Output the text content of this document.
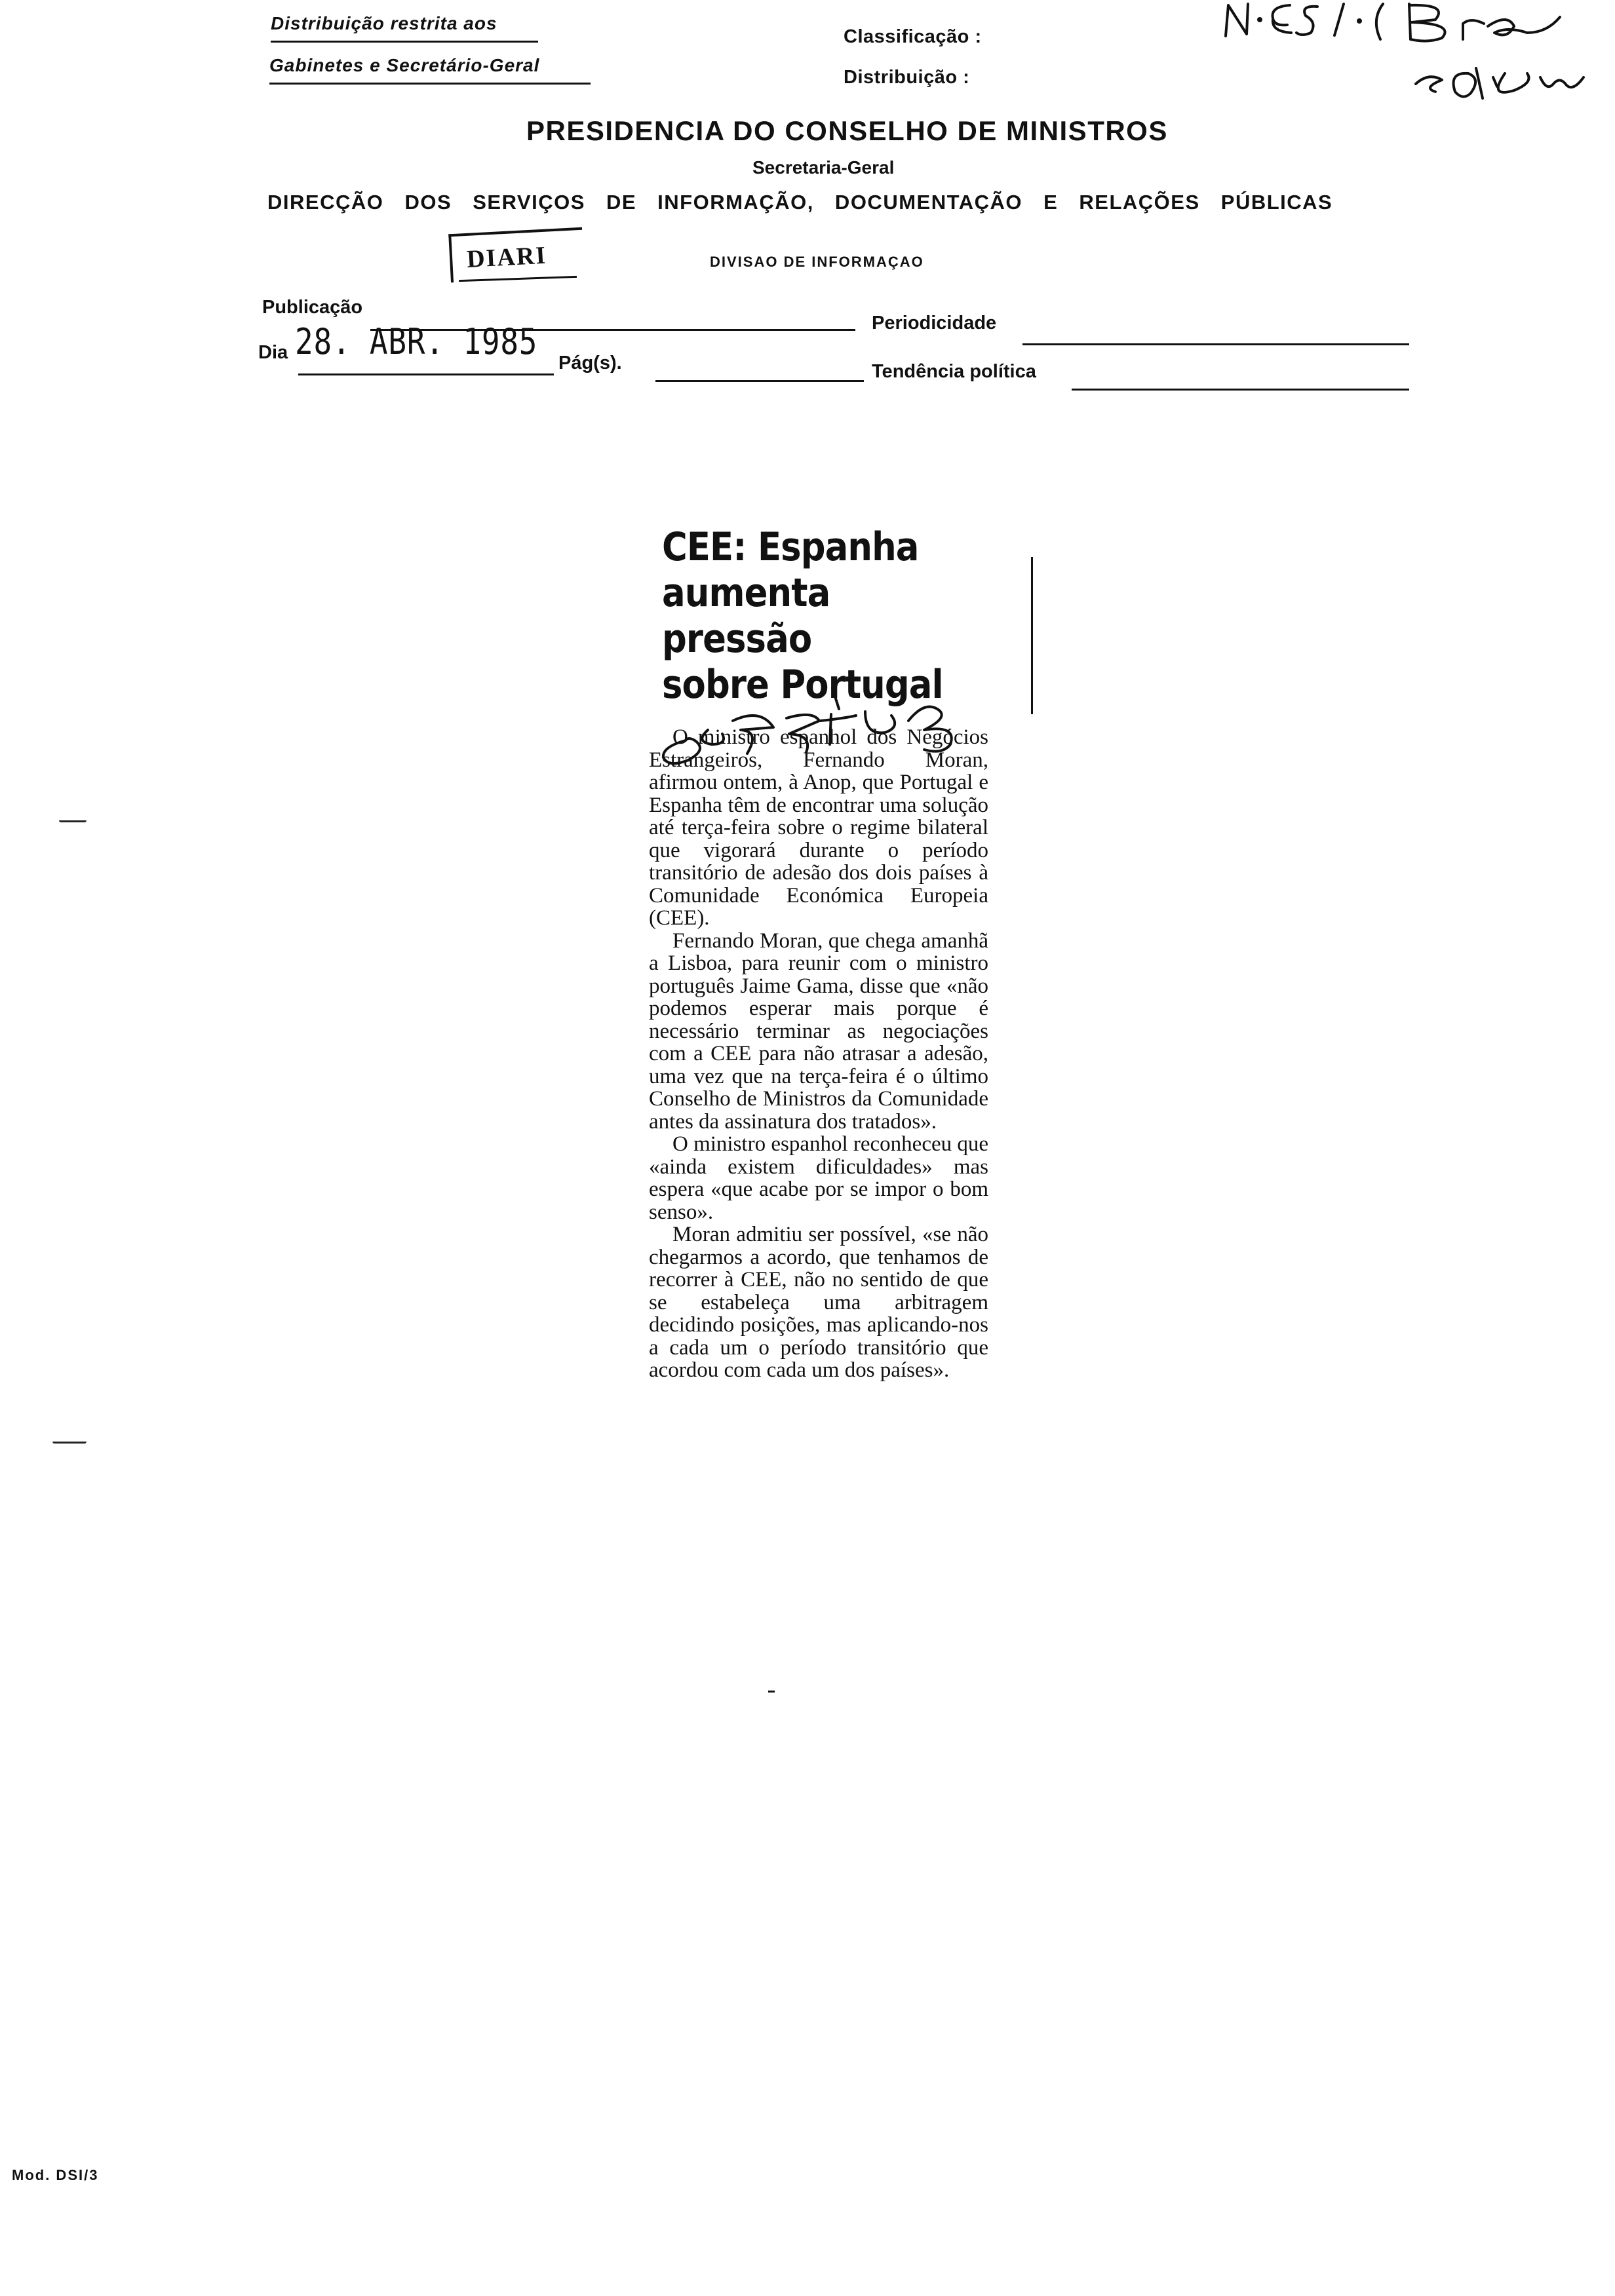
Distribuição restrita aos
Gabinetes e Secretário-Geral
Classificação :
Distribuição :
PRESIDENCIA DO CONSELHO DE MINISTROS
Secretaria-Geral
DIRECÇÃO DOS SERVIÇOS DE INFORMAÇÃO, DOCUMENTAÇÃO E RELAÇÕES PÚBLICAS
DIVISAO DE INFORMAÇAO
DIARI
Publicação
Periodicidade
Dia 28. ABR. 1985
Pág(s).	Tendência política
CEE: Espanha
aumenta
pressão
sobre Portugal

O ministro espanhol dos Negócios Estrangeiros, Fernando Moran, afirmou ontem, à Anop, que Portugal e Espanha têm de encontrar uma solução até terça-feira sobre o regime bilateral que vigorará durante o período transitório de adesão dos dois países à Comunidade Económica Europeia (CEE).

Fernando Moran, que chega amanhã a Lisboa, para reunir com o ministro português Jaime Gama, disse que «não podemos esperar mais porque é necessário terminar as negociações com a CEE para não atrasar a adesão, uma vez que na terça-feira é o último Conselho de Ministros da Comunidade antes da assinatura dos tratados».

O ministro espanhol reconheceu que «ainda existem dificuldades» mas espera «que acabe por se impor o bom senso».

Moran admitiu ser possível, «se não chegarmos a acordo, que tenhamos de recorrer à CEE, não no sentido de que se estabeleça uma arbitragem decidindo posições, mas aplicando-nos a cada um o período transitório que acordou com cada um dos países».

Mod. DSI/3
